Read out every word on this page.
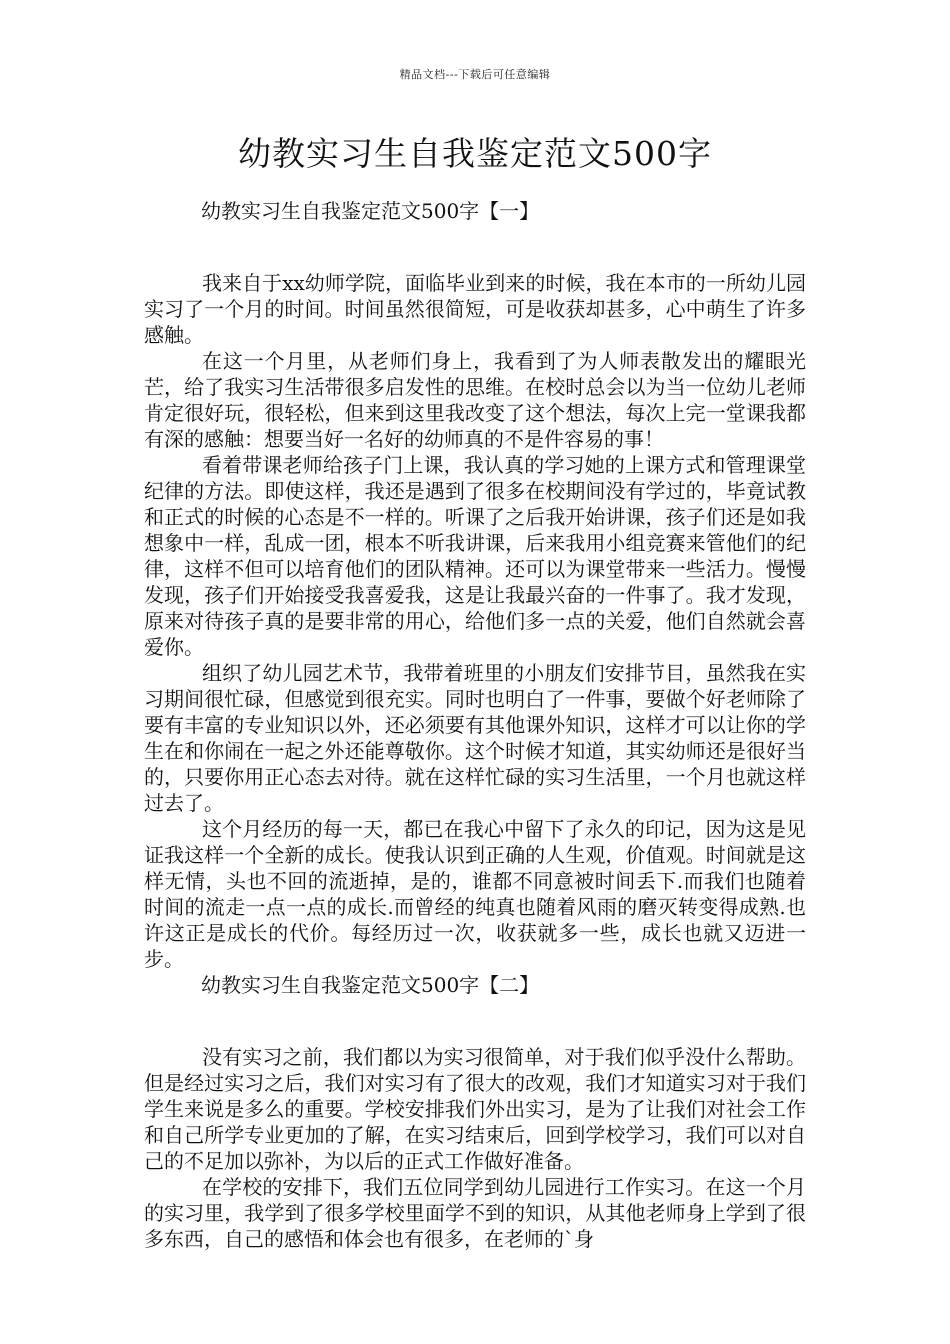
精品文档---下载后可任意编辑
幼教实习生自我鉴定范文500字
幼教实习生自我鉴定范文500字【一】

我来自于xx幼师学院，面临毕业到来的时候，我在本市的一所幼儿园实习了一个月的时间。时间虽然很简短，可是收获却甚多，心中萌生了许多感触。

在这一个月里，从老师们身上，我看到了为人师表散发出的耀眼光芒，给了我实习生活带很多启发性的思维。在校时总会以为当一位幼儿老师肯定很好玩，很轻松，但来到这里我改变了这个想法，每次上完一堂课我都有深的感触：想要当好一名好的幼师真的不是件容易的事！

看着带课老师给孩子门上课，我认真的学习她的上课方式和管理课堂纪律的方法。即使这样，我还是遇到了很多在校期间没有学过的，毕竟试教和正式的时候的心态是不一样的。听课了之后我开始讲课，孩子们还是如我想象中一样，乱成一团，根本不听我讲课，后来我用小组竞赛来管他们的纪律，这样不但可以培育他们的团队精神。还可以为课堂带来一些活力。慢慢发现，孩子们开始接受我喜爱我，这是让我最兴奋的一件事了。我才发现，原来对待孩子真的是要非常的用心，给他们多一点的关爱，他们自然就会喜爱你。

组织了幼儿园艺术节，我带着班里的小朋友们安排节目，虽然我在实习期间很忙碌，但感觉到很充实。同时也明白了一件事，要做个好老师除了要有丰富的专业知识以外，还必须要有其他课外知识，这样才可以让你的学生在和你闹在一起之外还能尊敬你。这个时候才知道，其实幼师还是很好当的，只要你用正心态去对待。就在这样忙碌的实习生活里，一个月也就这样过去了。

这个月经历的每一天，都已在我心中留下了永久的印记，因为这是见证我这样一个全新的成长。使我认识到正确的人生观，价值观。时间就是这样无情，头也不回的流逝掉，是的，谁都不同意被时间丢下.而我们也随着时间的流走一点一点的成长.而曾经的纯真也随着风雨的磨灭转变得成熟.也许这正是成长的代价。每经历过一次，收获就多一些，成长也就又迈进一步。

幼教实习生自我鉴定范文500字【二】

没有实习之前，我们都以为实习很简单，对于我们似乎没什么帮助。但是经过实习之后，我们对实习有了很大的改观，我们才知道实习对于我们学生来说是多么的重要。学校安排我们外出实习，是为了让我们对社会工作和自己所学专业更加的了解，在实习结束后，回到学校学习，我们可以对自己的不足加以弥补，为以后的正式工作做好准备。

在学校的安排下，我们五位同学到幼儿园进行工作实习。在这一个月的实习里，我学到了很多学校里面学不到的知识，从其他老师身上学到了很多东西，自己的感悟和体会也有很多，在老师的`身
